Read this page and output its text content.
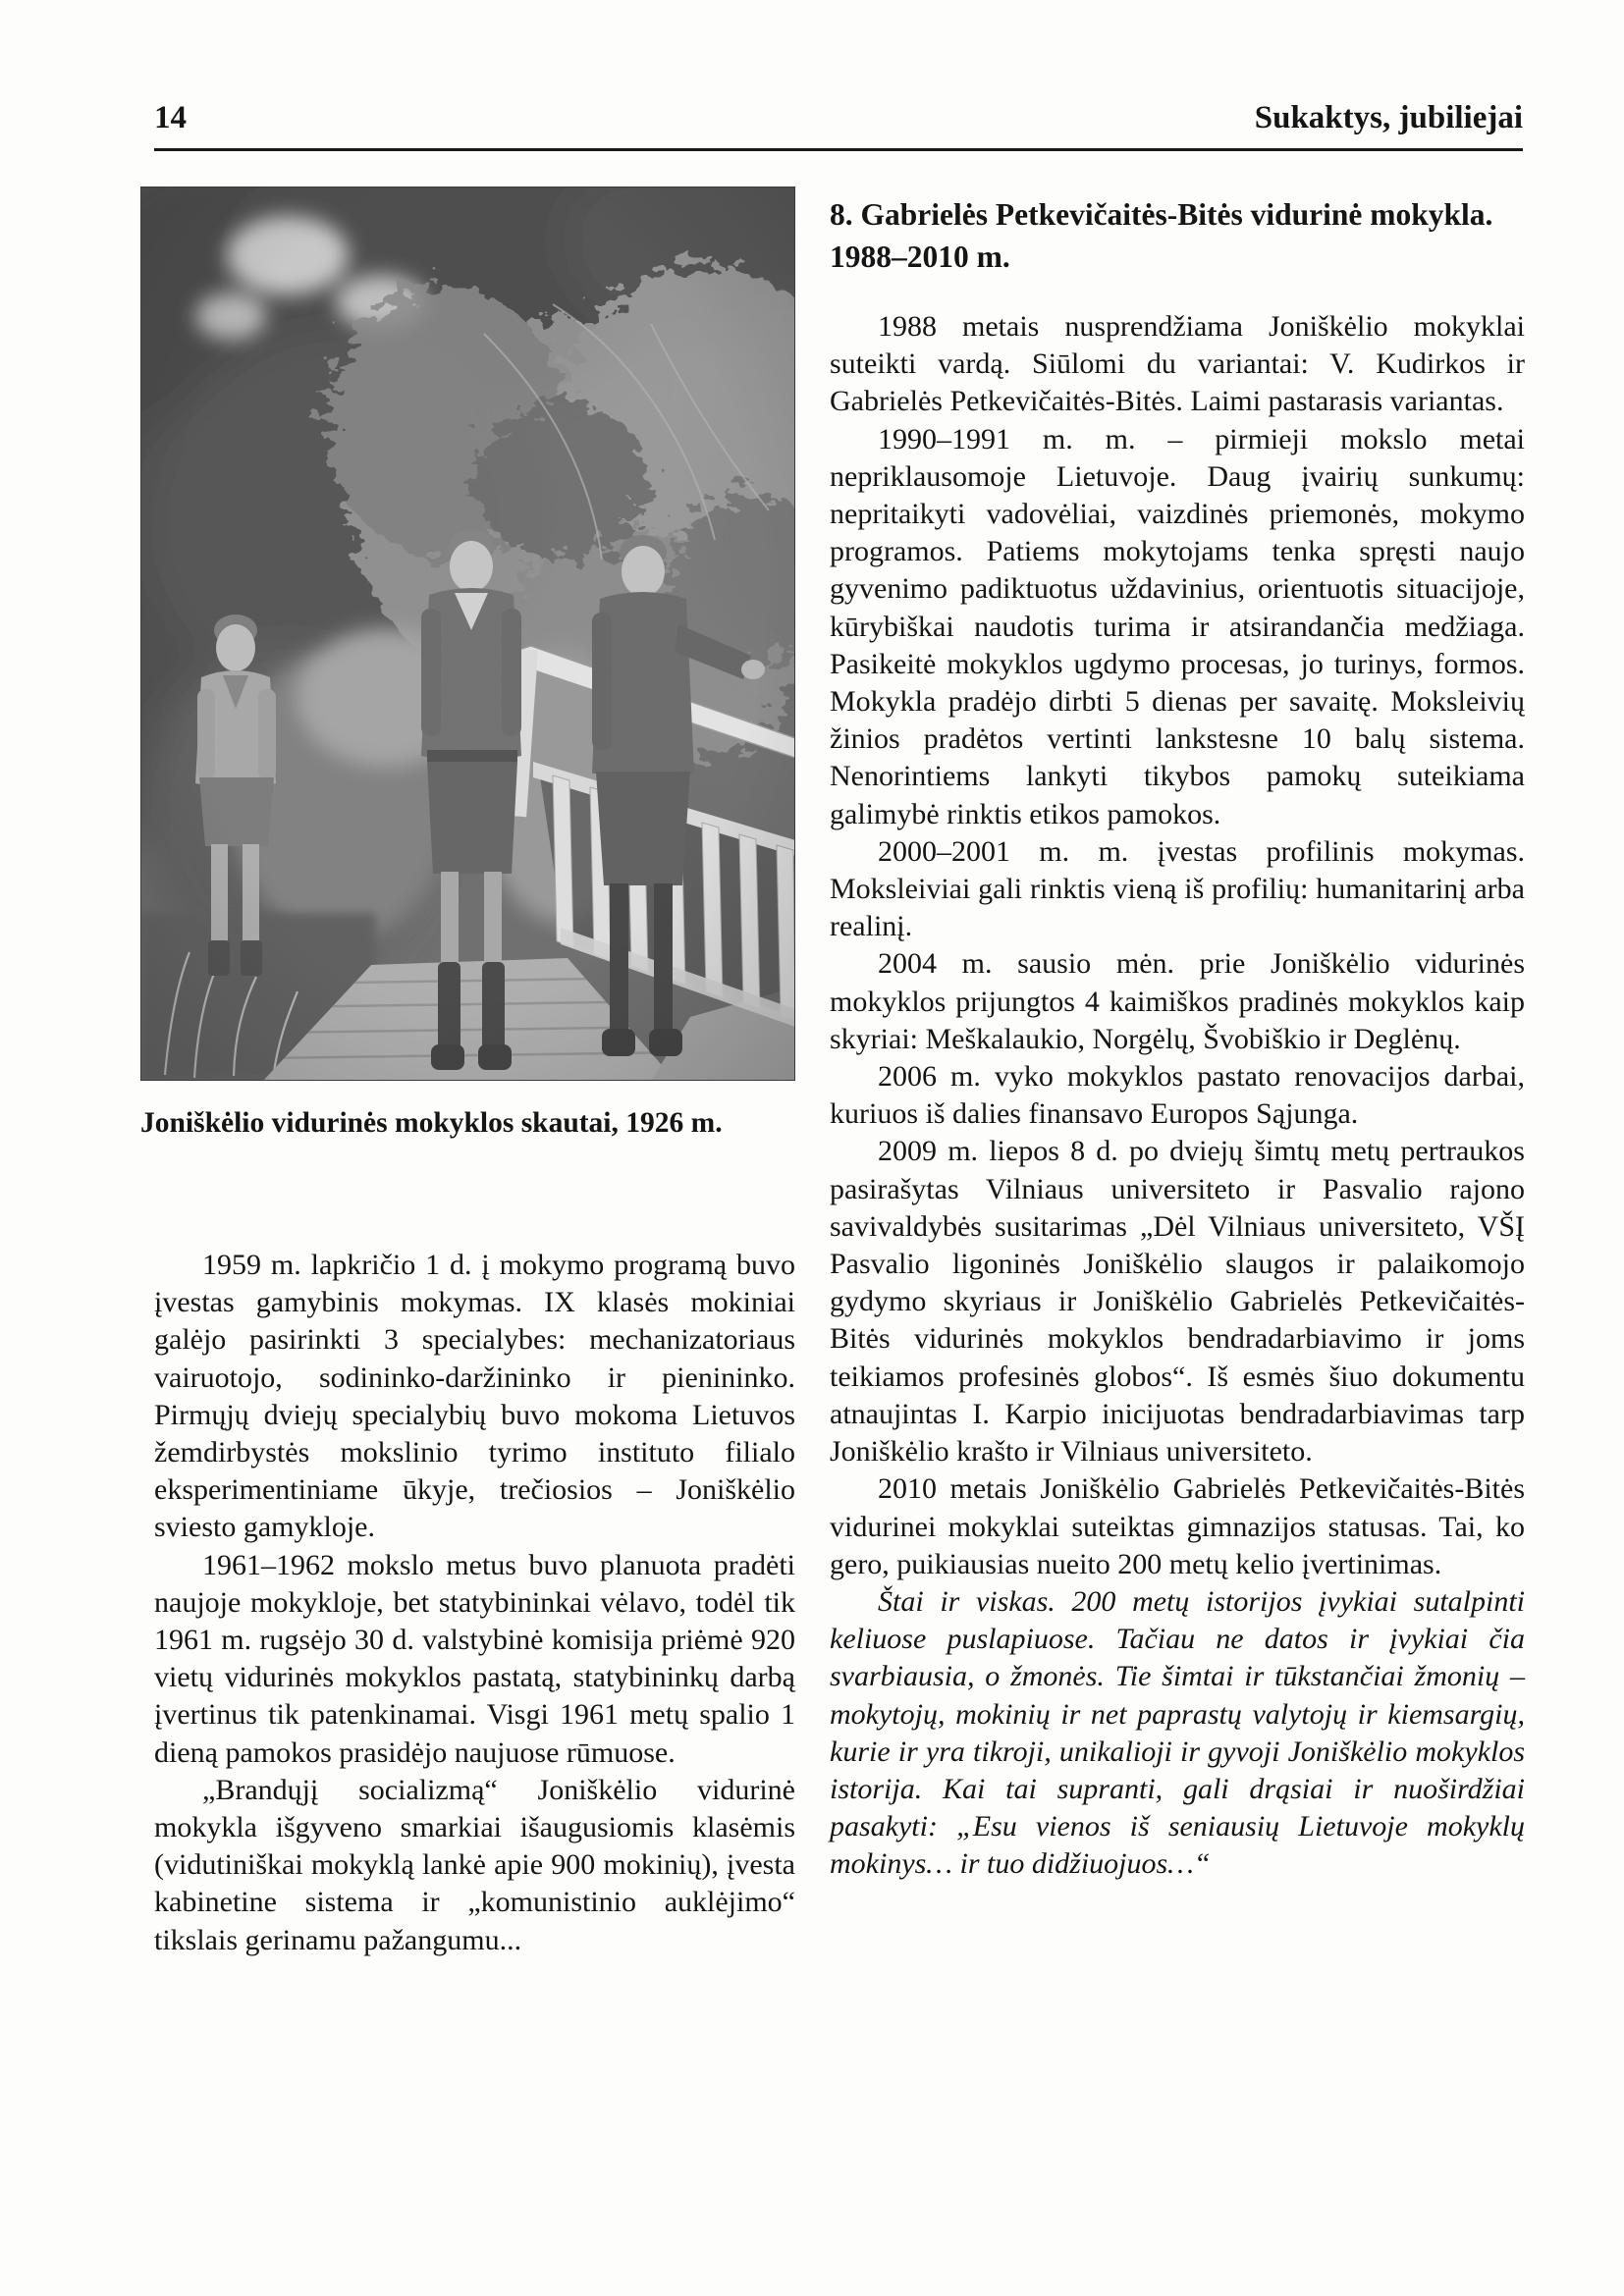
14	Sukaktys, jubiliejai
Joniškėlio vidurinės mokyklos skautai, 1926 m.

1959 m. lapkričio 1 d. į mokymo programą buvo įvestas gamybinis mokymas. IX klasės mokiniai galėjo pasirinkti 3 specialybes: mechanizatoriaus vairuotojo, sodininko-daržininko ir pienininko. Pirmųjų dviejų specialybių buvo mokoma Lietuvos žemdirbystės mokslinio tyrimo instituto filialo eksperimentiniame ūkyje, trečiosios – Joniškėlio sviesto gamykloje.

1961–1962 mokslo metus buvo planuota pradėti naujoje mokykloje, bet statybininkai vėlavo, todėl tik 1961 m. rugsėjo 30 d. valstybinė komisija priėmė 920 vietų vidurinės mokyklos pastatą, statybininkų darbą įvertinus tik patenkinamai. Visgi 1961 metų spalio 1 dieną pamokos prasidėjo naujuose rūmuose.

„Brandųjį socializmą“ Joniškėlio vidurinė mokykla išgyveno smarkiai išaugusiomis klasėmis (vidutiniškai mokyklą lankė apie 900 mokinių), įvesta kabinetine sistema ir „komunistinio auklėjimo“ tikslais gerinamu pažangumu...

8. Gabrielės Petkevičaitės-Bitės vidurinė mokykla.
1988–2010 m.

1988 metais nusprendžiama Joniškėlio mokyklai suteikti vardą. Siūlomi du variantai: V. Kudirkos ir Gabrielės Petkevičaitės-Bitės. Laimi pastarasis variantas.

1990–1991 m. m. – pirmieji mokslo metai nepriklausomoje Lietuvoje. Daug įvairių sunkumų: nepritaikyti vadovėliai, vaizdinės priemonės, mokymo programos. Patiems mokytojams tenka spręsti naujo gyvenimo padiktuotus uždavinius, orientuotis situacijoje, kūrybiškai naudotis turima ir atsirandančia medžiaga. Pasikeitė mokyklos ugdymo procesas, jo turinys, formos. Mokykla pradėjo dirbti 5 dienas per savaitę. Moksleivių žinios pradėtos vertinti lankstesne 10 balų sistema. Nenorintiems lankyti tikybos pamokų suteikiama galimybė rinktis etikos pamokos.

2000–2001 m. m. įvestas profilinis mokymas. Moksleiviai gali rinktis vieną iš profilių: humanitarinį arba realinį.

2004 m. sausio mėn. prie Joniškėlio vidurinės mokyklos prijungtos 4 kaimiškos pradinės mokyklos kaip skyriai: Meškalaukio, Norgėlų, Švobiškio ir Deglėnų.

2006 m. vyko mokyklos pastato renovacijos darbai, kuriuos iš dalies finansavo Europos Sąjunga.

2009 m. liepos 8 d. po dviejų šimtų metų pertraukos pasirašytas Vilniaus universiteto ir Pasvalio rajono savivaldybės susitarimas „Dėl Vilniaus universiteto, VŠĮ Pasvalio ligoninės Joniškėlio slaugos ir palaikomojo gydymo skyriaus ir Joniškėlio Gabrielės Petkevičaitės-Bitės vidurinės mokyklos bendradarbiavimo ir joms teikiamos profesinės globos“. Iš esmės šiuo dokumentu atnaujintas I. Karpio inicijuotas bendradarbiavimas tarp Joniškėlio krašto ir Vilniaus universiteto.

2010 metais Joniškėlio Gabrielės Petkevičaitės-Bitės vidurinei mokyklai suteiktas gimnazijos statusas. Tai, ko gero, puikiausias nueito 200 metų kelio įvertinimas.

Štai ir viskas. 200 metų istorijos įvykiai sutalpinti keliuose puslapiuose. Tačiau ne datos ir įvykiai čia svarbiausia, o žmonės. Tie šimtai ir tūkstančiai žmonių – mokytojų, mokinių ir net paprastų valytojų ir kiemsargių, kurie ir yra tikroji, unikalioji ir gyvoji Joniškėlio mokyklos istorija. Kai tai supranti, gali drąsiai ir nuoširdžiai pasakyti: „Esu vienos iš seniausių Lietuvoje mokyklų mokinys… ir tuo didžiuojuos…“
